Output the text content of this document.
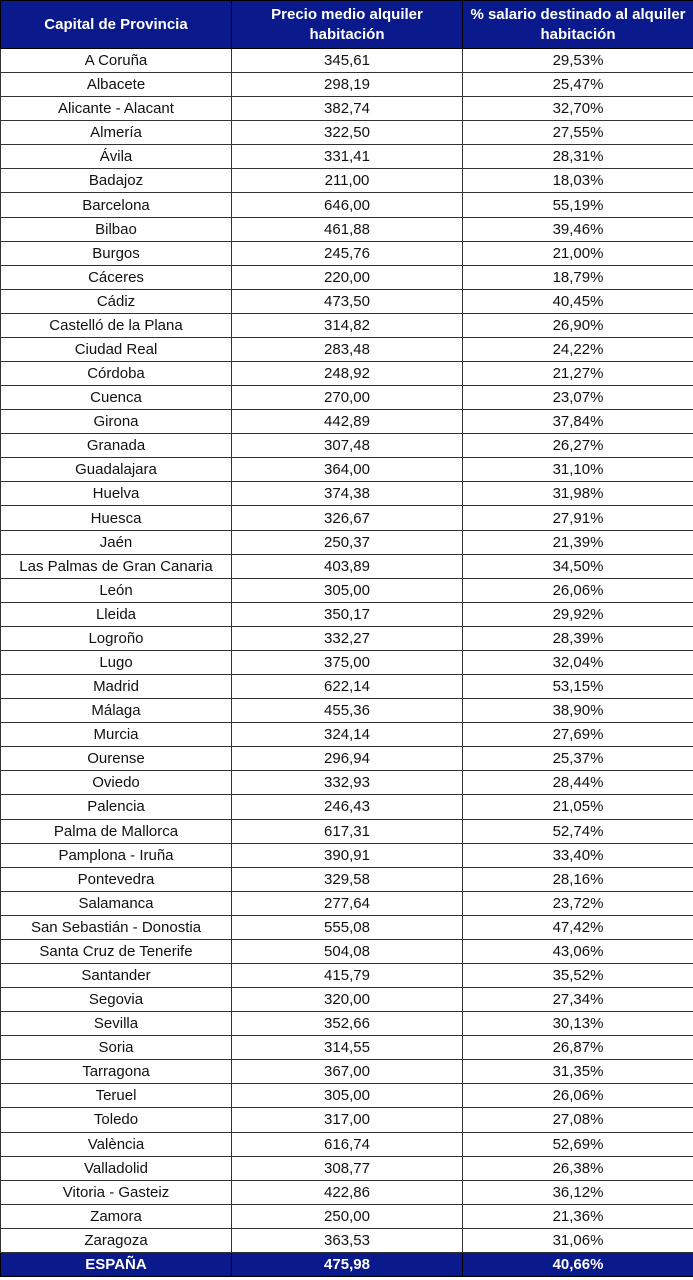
Capital de Provincia	Precio medio alquiler habitación	% salario destinado al alquiler habitación
A Coruña	345,61	29,53%
Albacete	298,19	25,47%
Alicante - Alacant	382,74	32,70%
Almería	322,50	27,55%
Ávila	331,41	28,31%
Badajoz	211,00	18,03%
Barcelona	646,00	55,19%
Bilbao	461,88	39,46%
Burgos	245,76	21,00%
Cáceres	220,00	18,79%
Cádiz	473,50	40,45%
Castelló de la Plana	314,82	26,90%
Ciudad Real	283,48	24,22%
Córdoba	248,92	21,27%
Cuenca	270,00	23,07%
Girona	442,89	37,84%
Granada	307,48	26,27%
Guadalajara	364,00	31,10%
Huelva	374,38	31,98%
Huesca	326,67	27,91%
Jaén	250,37	21,39%
Las Palmas de Gran Canaria	403,89	34,50%
León	305,00	26,06%
Lleida	350,17	29,92%
Logroño	332,27	28,39%
Lugo	375,00	32,04%
Madrid	622,14	53,15%
Málaga	455,36	38,90%
Murcia	324,14	27,69%
Ourense	296,94	25,37%
Oviedo	332,93	28,44%
Palencia	246,43	21,05%
Palma de Mallorca	617,31	52,74%
Pamplona - Iruña	390,91	33,40%
Pontevedra	329,58	28,16%
Salamanca	277,64	23,72%
San Sebastián - Donostia	555,08	47,42%
Santa Cruz de Tenerife	504,08	43,06%
Santander	415,79	35,52%
Segovia	320,00	27,34%
Sevilla	352,66	30,13%
Soria	314,55	26,87%
Tarragona	367,00	31,35%
Teruel	305,00	26,06%
Toledo	317,00	27,08%
València	616,74	52,69%
Valladolid	308,77	26,38%
Vitoria - Gasteiz	422,86	36,12%
Zamora	250,00	21,36%
Zaragoza	363,53	31,06%
ESPAÑA	475,98	40,66%
